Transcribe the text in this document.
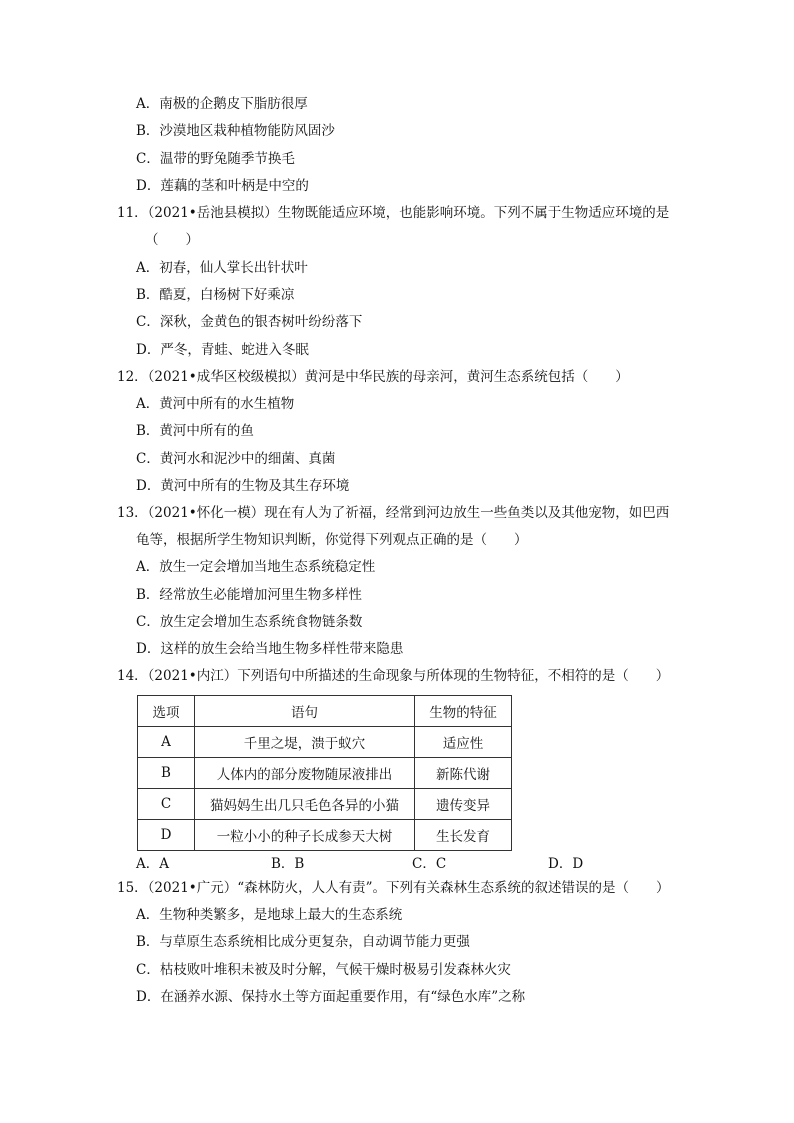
A．南极的企鹅皮下脂肪很厚
B．沙漠地区栽种植物能防风固沙
C．温带的野兔随季节换毛
D．莲藕的茎和叶柄是中空的
11．（2021•岳池县模拟）生物既能适应环境，也能影响环境。下列不属于生物适应环境的是
（　　）
A．初春，仙人掌长出针状叶
B．酷夏，白杨树下好乘凉
C．深秋，金黄色的银杏树叶纷纷落下
D．严冬，青蛙、蛇进入冬眠
12．（2021•成华区校级模拟）黄河是中华民族的母亲河，黄河生态系统包括（　　）
A．黄河中所有的水生植物
B．黄河中所有的鱼
C．黄河水和泥沙中的细菌、真菌
D．黄河中所有的生物及其生存环境
13．（2021•怀化一模）现在有人为了祈福，经常到河边放生一些鱼类以及其他宠物，如巴西
龟等，根据所学生物知识判断，你觉得下列观点正确的是（　　）
A．放生一定会增加当地生态系统稳定性
B．经常放生必能增加河里生物多样性
C．放生定会增加生态系统食物链条数
D．这样的放生会给当地生物多样性带来隐患
14．（2021•内江）下列语句中所描述的生命现象与所体现的生物特征，不相符的是（　　）
选项	语句	生物的特征
A	千里之堤，溃于蚁穴	适应性
B	人体内的部分废物随尿液排出	新陈代谢
C	猫妈妈生出几只毛色各异的小猫	遗传变异
D	一粒小小的种子长成参天大树	生长发育
A．A	B．B	C．C	D．D
15．（2021•广元）“森林防火，人人有责”。下列有关森林生态系统的叙述错误的是（　　）
A．生物种类繁多，是地球上最大的生态系统
B．与草原生态系统相比成分更复杂，自动调节能力更强
C．枯枝败叶堆积未被及时分解，气候干燥时极易引发森林火灾
D．在涵养水源、保持水土等方面起重要作用，有“绿色水库”之称
